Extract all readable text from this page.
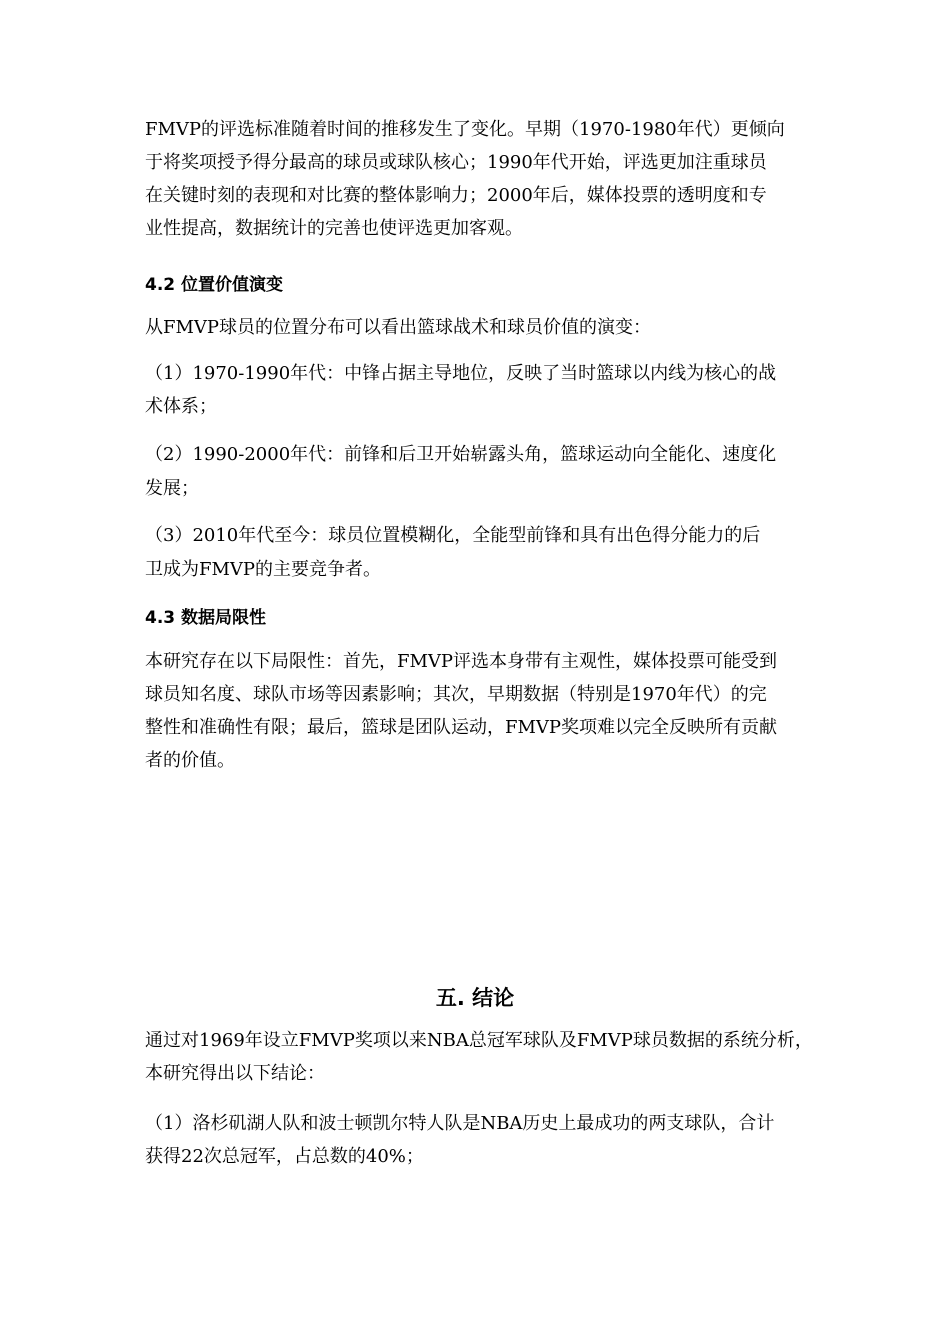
FMVP的评选标准随着时间的推移发生了变化。早期（1970-1980年代）更倾向
于将奖项授予得分最高的球员或球队核心；1990年代开始，评选更加注重球员
在关键时刻的表现和对比赛的整体影响力；2000年后，媒体投票的透明度和专
业性提高，数据统计的完善也使评选更加客观。
4.2 位置价值演变
从FMVP球员的位置分布可以看出篮球战术和球员价值的演变：
（1）1970-1990年代：中锋占据主导地位，反映了当时篮球以内线为核心的战
术体系；
（2）1990-2000年代：前锋和后卫开始崭露头角，篮球运动向全能化、速度化
发展；
（3）2010年代至今：球员位置模糊化，全能型前锋和具有出色得分能力的后
卫成为FMVP的主要竞争者。
4.3 数据局限性
本研究存在以下局限性：首先，FMVP评选本身带有主观性，媒体投票可能受到
球员知名度、球队市场等因素影响；其次，早期数据（特别是1970年代）的完
整性和准确性有限；最后，篮球是团队运动，FMVP奖项难以完全反映所有贡献
者的价值。
五. 结论
通过对1969年设立FMVP奖项以来NBA总冠军球队及FMVP球员数据的系统分析，
本研究得出以下结论：
（1）洛杉矶湖人队和波士顿凯尔特人队是NBA历史上最成功的两支球队，合计
获得22次总冠军，占总数的40%；
